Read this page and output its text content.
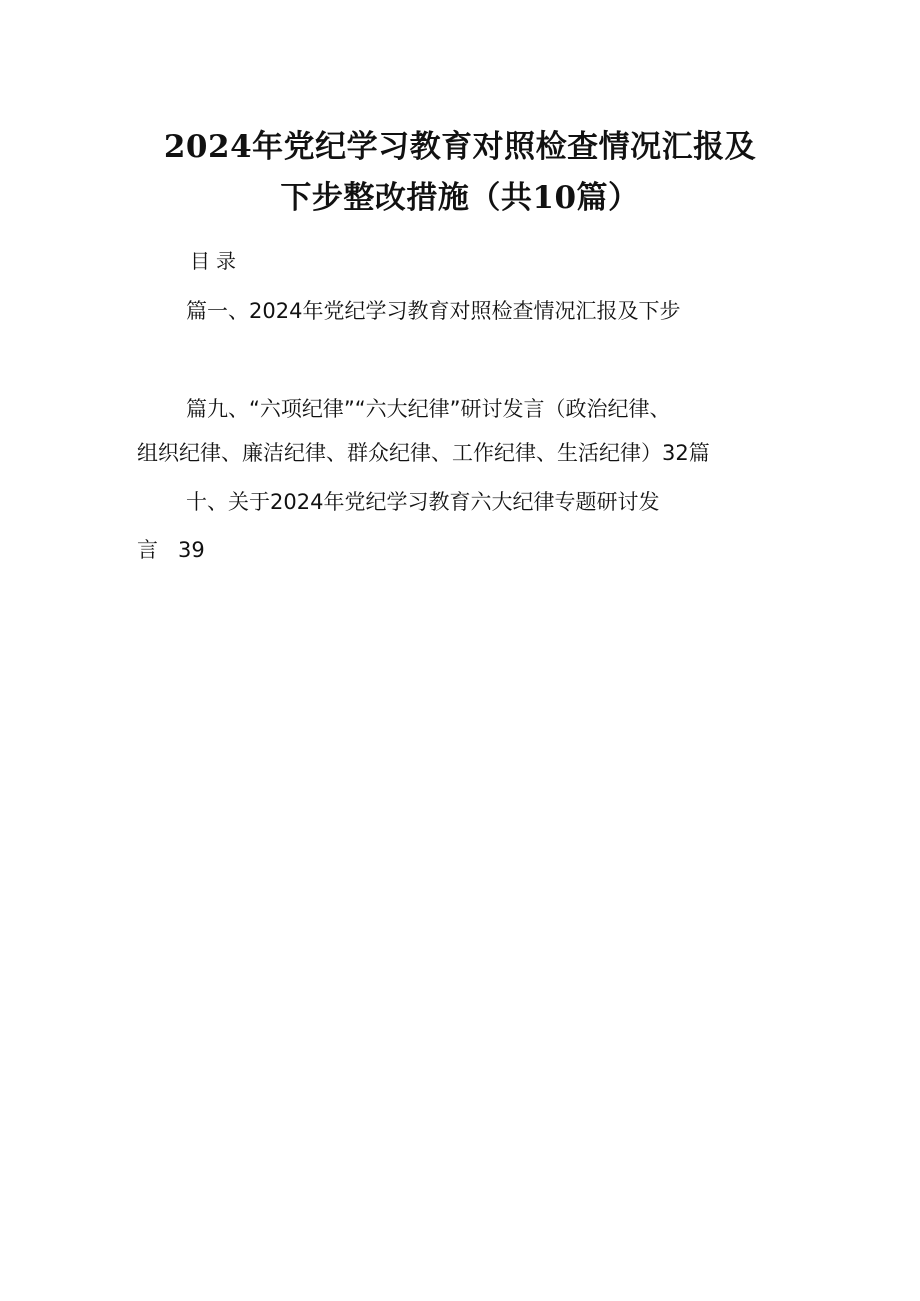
2024年党纪学习教育对照检查情况汇报及
下步整改措施（共10篇）
目录
篇一、2024年党纪学习教育对照检查情况汇报及下步
篇九、“六项纪律”“六大纪律”研讨发言（政治纪律、
组织纪律、廉洁纪律、群众纪律、工作纪律、生活纪律）32篇
十、关于2024年党纪学习教育六大纪律专题研讨发
言   39
